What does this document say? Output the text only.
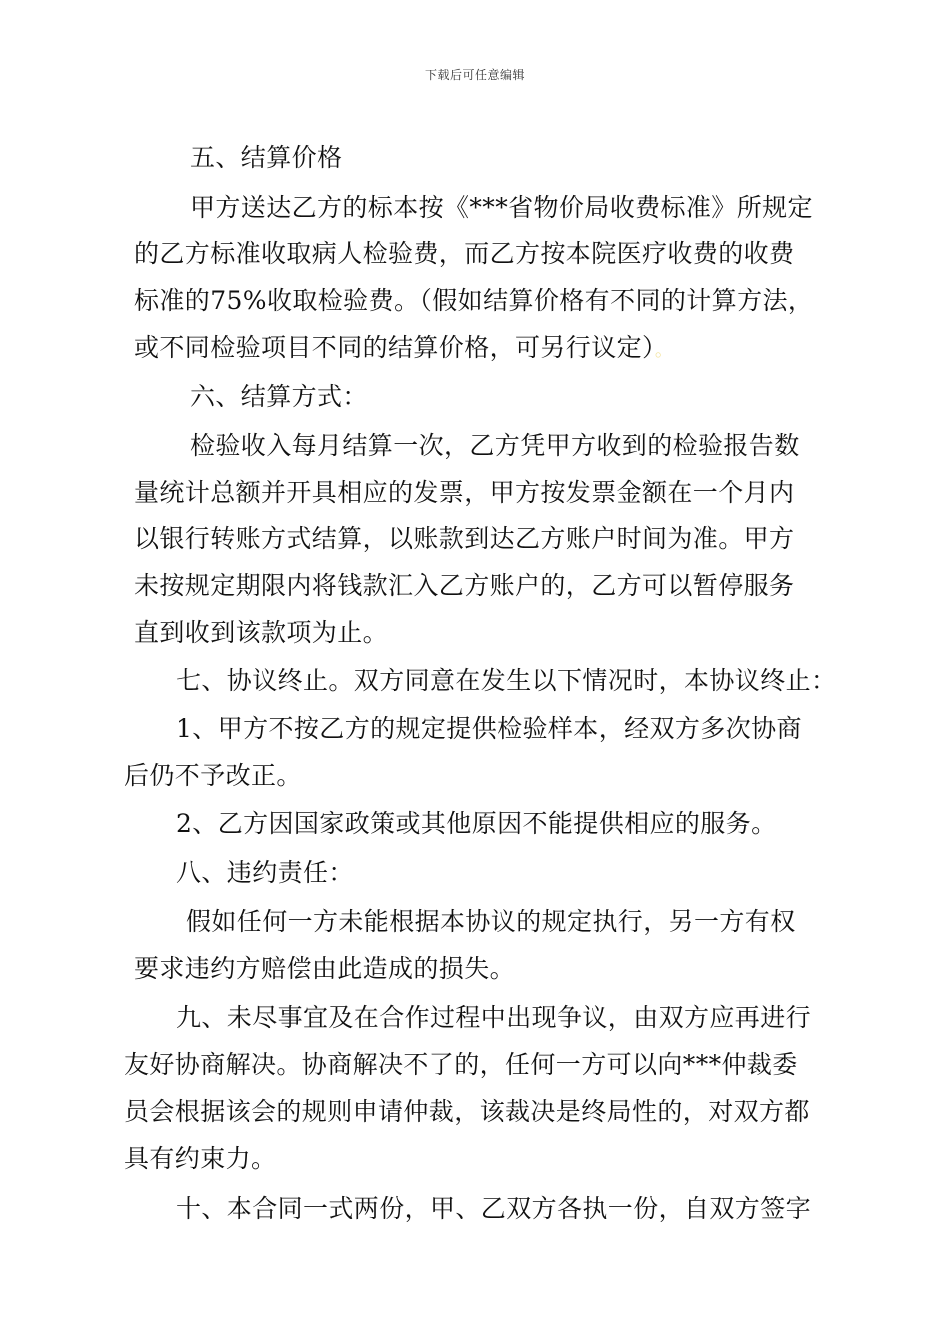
下载后可任意编辑
五、结算价格
甲方送达乙方的标本按《***省物价局收费标准》所规定
的乙方标准收取病人检验费，而乙方按本院医疗收费的收费
标准的75%收取检验费。（假如结算价格有不同的计算方法，
或不同检验项目不同的结算价格，可另行议定）。
六、结算方式：
检验收入每月结算一次，乙方凭甲方收到的检验报告数
量统计总额并开具相应的发票，甲方按发票金额在一个月内
以银行转账方式结算，以账款到达乙方账户时间为准。甲方
未按规定期限内将钱款汇入乙方账户的，乙方可以暂停服务
直到收到该款项为止。
七、协议终止。双方同意在发生以下情况时，本协议终止：
1、甲方不按乙方的规定提供检验样本，经双方多次协商
后仍不予改正。
2、乙方因国家政策或其他原因不能提供相应的服务。
八、违约责任：
假如任何一方未能根据本协议的规定执行，另一方有权
要求违约方赔偿由此造成的损失。
九、未尽事宜及在合作过程中出现争议，由双方应再进行
友好协商解决。协商解决不了的，任何一方可以向***仲裁委
员会根据该会的规则申请仲裁，该裁决是终局性的，对双方都
具有约束力。
十、本合同一式两份，甲、乙双方各执一份，自双方签字
